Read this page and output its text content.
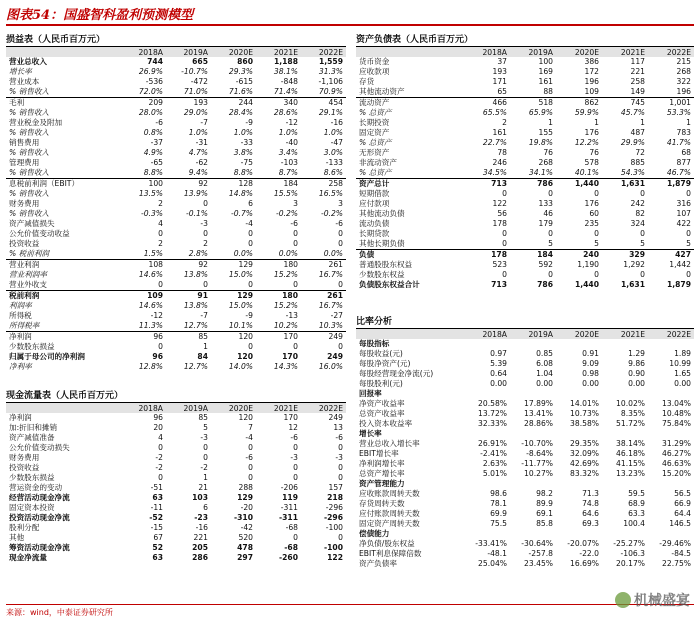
图表54：国盛智科盈利预测模型
损益表（人民币百万元）
	2018A	2019A	2020E	2021E	2022E
营业总收入	744	665	860	1,188	1,559
增长率	26.9%	-10.7%	29.3%	38.1%	31.3%
营业成本	-536	-472	-615	-848	-1,106
% 销售收入	72.0%	71.0%	71.6%	71.4%	70.9%
毛利	209	193	244	340	454
% 销售收入	28.0%	29.0%	28.4%	28.6%	29.1%
营业税金及附加	-6	-7	-9	-12	-16
% 销售收入	0.8%	1.0%	1.0%	1.0%	1.0%
销售费用	-37	-31	-33	-40	-47
% 销售收入	4.9%	4.7%	3.8%	3.4%	3.0%
管理费用	-65	-62	-75	-103	-133
% 销售收入	8.8%	9.4%	8.8%	8.7%	8.6%
息税前利润（EBIT）	100	92	128	184	258
% 销售收入	13.5%	13.9%	14.8%	15.5%	16.5%
财务费用	2	0	6	3	3
% 销售收入	-0.3%	-0.1%	-0.7%	-0.2%	-0.2%
资产减值损失	4	-3	-4	-6	-6
公允价值变动收益	0	0	0	0	0
投资收益	2	2	0	0	0
% 税前利润	1.5%	2.8%	0.0%	0.0%	0.0%
营业利润	108	92	129	180	261
营业利润率	14.6%	13.8%	15.0%	15.2%	16.7%
营业外收支	0	0	0	0	0
税前利润	109	91	129	180	261
利润率	14.6%	13.8%	15.0%	15.2%	16.7%
所得税	-12	-7	-9	-13	-27
所得税率	11.3%	12.7%	10.1%	10.2%	10.3%
净利润	96	85	120	170	249
少数股东损益	0	1	0	0	0
归属于母公司的净利润	96	84	120	170	249
净利率	12.8%	12.7%	14.0%	14.3%	16.0%
现金流量表（人民币百万元）
	2018A	2019A	2020E	2021E	2022E
净利润	96	85	120	170	249
加:折旧和摊销	20	5	7	12	13
资产减值准备	4	-3	-4	-6	-6
公允价值变动损失	0	0	0	0	0
财务费用	-2	0	-6	-3	-3
投资收益	-2	-2	0	0	0
少数股东损益	0	1	0	0	0
营运资金的变动	-51	21	288	-206	157
经营活动现金净流	63	103	129	119	218
固定资本投资	-11	6	-20	-311	-296
投资活动现金净流	-52	-23	-310	-311	-296
股利分配	-15	-16	-42	-68	-100
其他	67	221	520	0	0
筹资活动现金净流	52	205	478	-68	-100
现金净流量	63	286	297	-260	122
资产负债表（人民币百万元）
	2018A	2019A	2020E	2021E	2022E
货币资金	37	100	386	117	215
应收款项	193	169	172	221	268
存货	171	161	196	258	322
其他流动资产	65	88	109	149	196
流动资产	466	518	862	745	1,001
% 总资产	65.5%	65.9%	59.9%	45.7%	53.3%
长期投资	2	1	1	1	1
固定资产	161	155	176	487	783
% 总资产	22.7%	19.8%	12.2%	29.9%	41.7%
无形资产	78	76	76	72	68
非流动资产	246	268	578	885	877
% 总资产	34.5%	34.1%	40.1%	54.3%	46.7%
资产总计	713	786	1,440	1,631	1,879
短期借款	0	0	0	0	0
应付款项	122	133	176	242	316
其他流动负债	56	46	60	82	107
流动负债	178	179	235	324	422
长期贷款	0	0	0	0	0
其他长期负债	0	5	5	5	5
负债	178	184	240	329	427
普通股股东权益	523	592	1,190	1,292	1,442
少数股东权益	0	0	0	0	0
负债股东权益合计	713	786	1,440	1,631	1,879
比率分析
	2018A	2019A	2020E	2021E	2022E
每股指标					
每股收益(元)	0.97	0.85	0.91	1.29	1.89
每股净资产(元)	5.39	6.08	9.09	9.86	10.99
每股经营现金净流(元)	0.64	1.04	0.98	0.90	1.65
每股股利(元)	0.00	0.00	0.00	0.00	0.00
回报率					
净资产收益率	20.58%	17.89%	14.01%	10.02%	13.04%
总资产收益率	13.72%	13.41%	10.73%	8.35%	10.48%
投入资本收益率	32.33%	28.86%	38.58%	51.72%	75.84%
增长率					
营业总收入增长率	26.91%	-10.70%	29.35%	38.14%	31.29%
EBIT增长率	-2.41%	-8.64%	32.09%	46.18%	46.27%
净利润增长率	2.63%	-11.77%	42.69%	41.15%	46.63%
总资产增长率	5.01%	10.27%	83.32%	13.23%	15.20%
资产管理能力					
应收账款周转天数	98.6	98.2	71.3	59.5	56.5
存货周转天数	78.1	89.9	74.8	68.9	66.9
应付账款周转天数	69.9	69.1	64.6	63.3	64.4
固定资产周转天数	75.5	85.8	69.3	100.4	146.5
偿债能力					
净负债/股东权益	-33.41%	-30.64%	-20.07%	-25.27%	-29.46%
EBIT利息保障倍数	-48.1	-257.8	-22.0	-106.3	-84.5
资产负债率	25.04%	23.45%	16.69%	20.17%	22.75%
来源：wind，中泰证券研究所
机械盛宴
